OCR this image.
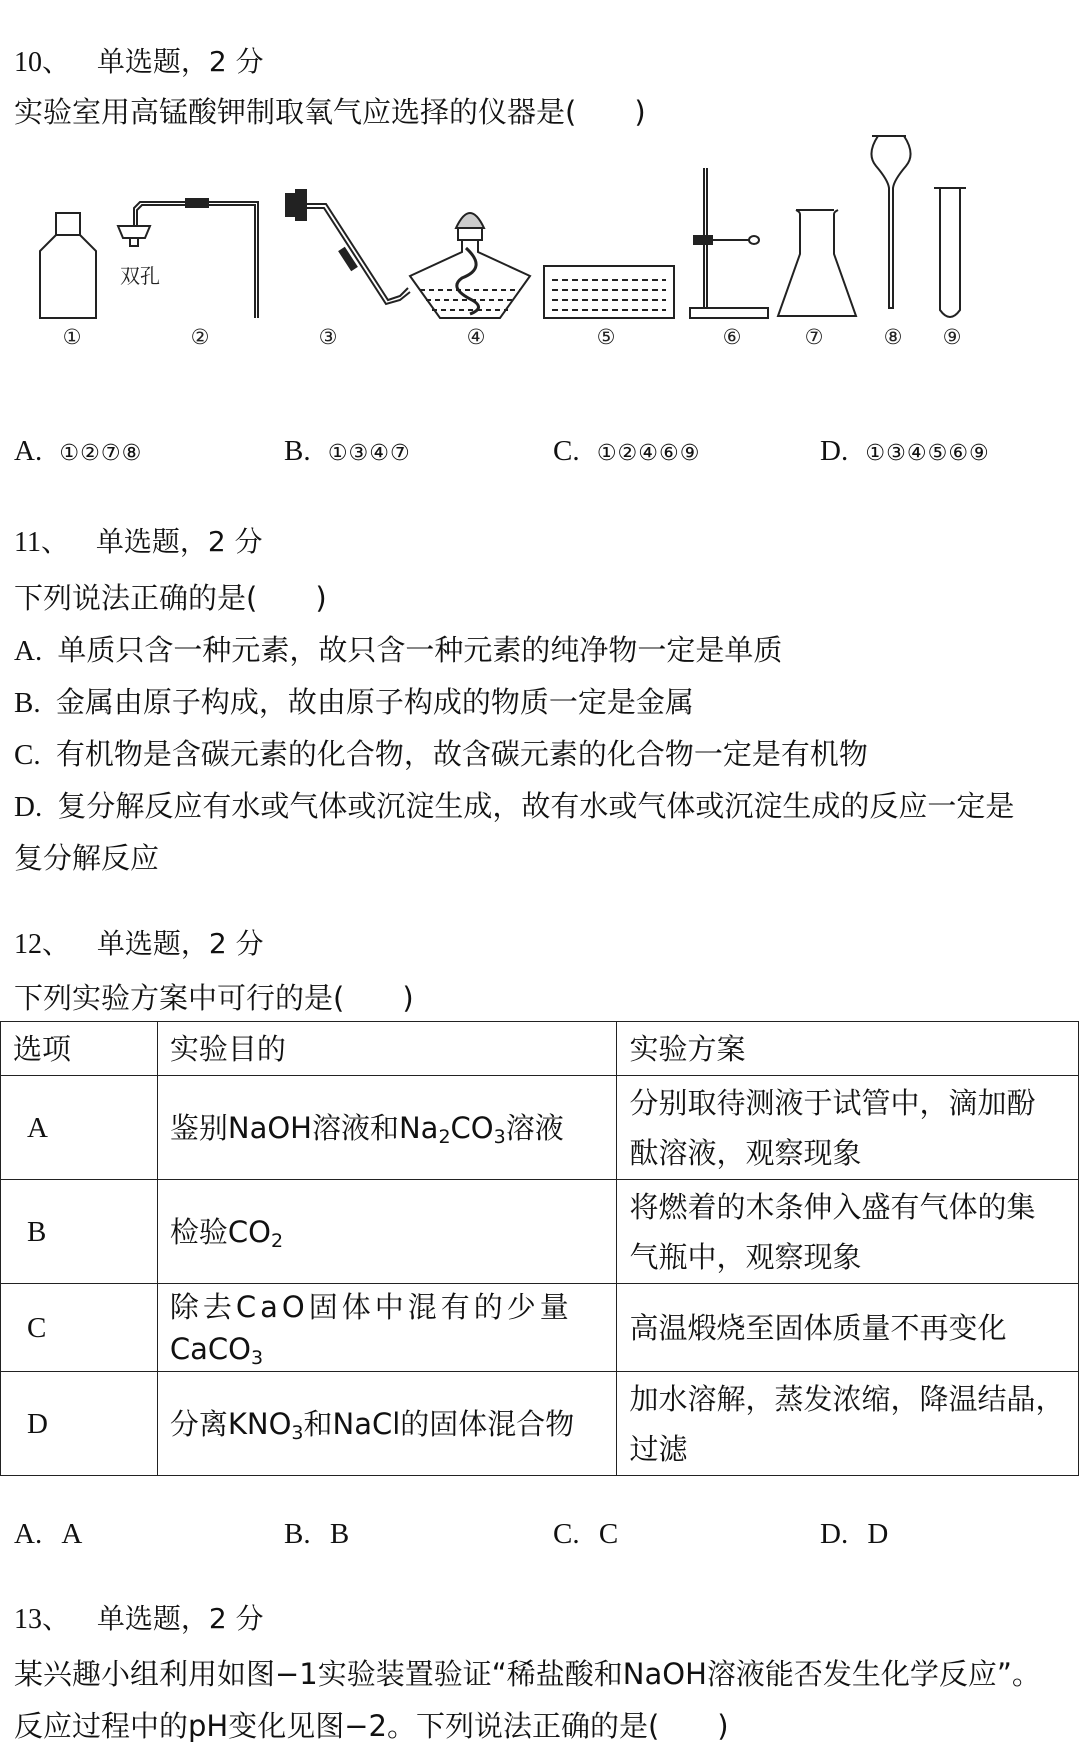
10、 单选题，2 分
实验室用高锰酸钾制取氧气应选择的仪器是(　　)
双孔
①	②	③	④	⑤	⑥	⑦	⑧ ⑨
A. ①②⑦⑧	B. ①③④⑦	C. ①②④⑥⑨	D. ①③④⑤⑥⑨
11、 单选题，2 分
下列说法正确的是(　　)
A. 单质只含一种元素，故只含一种元素的纯净物一定是单质
B. 金属由原子构成，故由原子构成的物质一定是金属
C. 有机物是含碳元素的化合物，故含碳元素的化合物一定是有机物
D. 复分解反应有水或气体或沉淀生成，故有水或气体或沉淀生成的反应一定是
复分解反应
12、 单选题，2 分
下列实验方案中可行的是(　　)
选项	实验目的	实验方案
A	鉴别NaOH溶液和$Na_2CO_3$溶液	分别取待测液于试管中，滴加酚
酞溶液，观察现象

B	检验$CO_2$	将燃着的木条伸入盛有气体的集
气瓶中，观察现象

C	除去CaO固体中混有的少量
CaCO$_3$	高温煅烧至固体质量不再变化
D	分离$KNO_3$和NaCl的固体混合物	加水溶解，蒸发浓缩，降温结晶，
过滤
A. A	B. B	C. C	D. D
13、 单选题，2 分
某兴趣小组利用如图−1实验装置验证“稀盐酸和NaOH溶液能否发生化学反应”。
反应过程中的pH变化见图−2。下列说法正确的是(　　)
